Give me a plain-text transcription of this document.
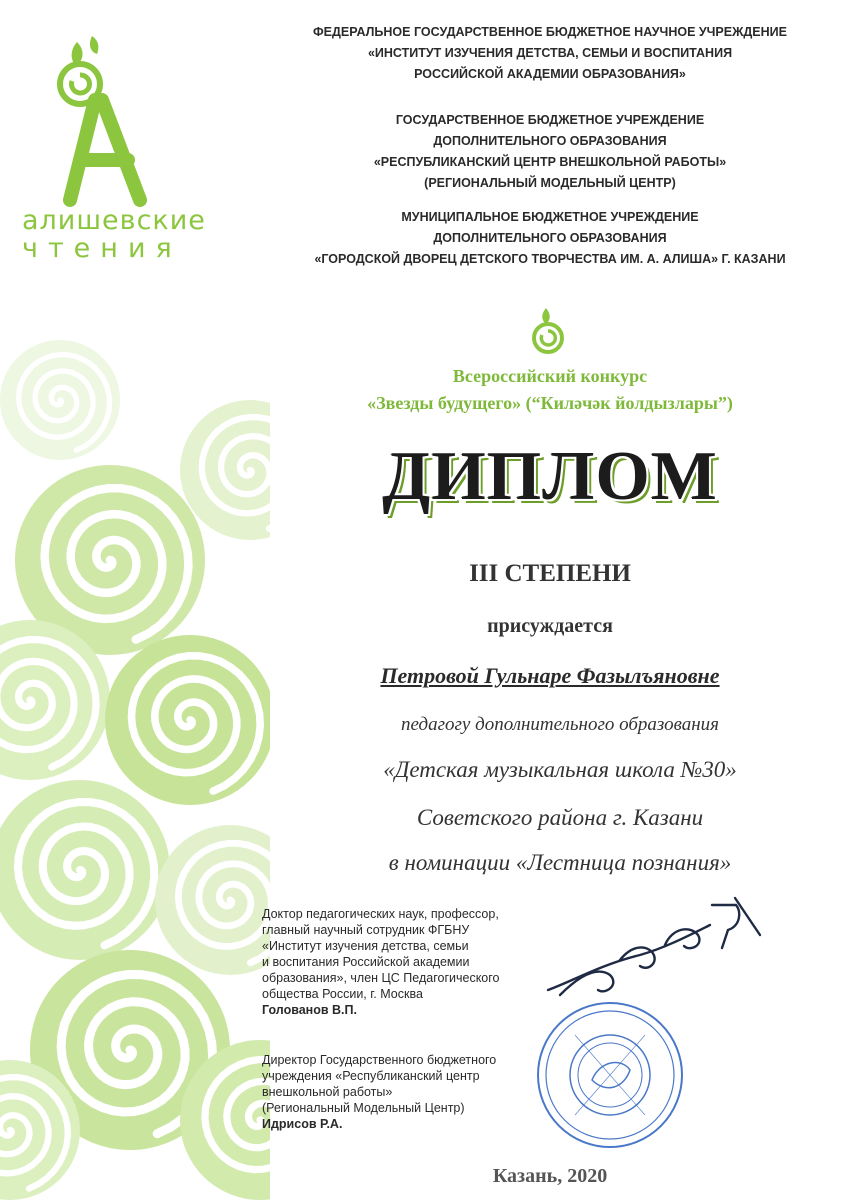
алишевские
чтения
ФЕДЕРАЛЬНОЕ ГОСУДАРСТВЕННОЕ БЮДЖЕТНОЕ НАУЧНОЕ УЧРЕЖДЕНИЕ
«ИНСТИТУТ ИЗУЧЕНИЯ ДЕТСТВА, СЕМЬИ И ВОСПИТАНИЯ
РОССИЙСКОЙ АКАДЕМИИ ОБРАЗОВАНИЯ»
ГОСУДАРСТВЕННОЕ БЮДЖЕТНОЕ УЧРЕЖДЕНИЕ
ДОПОЛНИТЕЛЬНОГО ОБРАЗОВАНИЯ
«РЕСПУБЛИКАНСКИЙ ЦЕНТР ВНЕШКОЛЬНОЙ РАБОТЫ»
(РЕГИОНАЛЬНЫЙ МОДЕЛЬНЫЙ ЦЕНТР)
МУНИЦИПАЛЬНОЕ БЮДЖЕТНОЕ УЧРЕЖДЕНИЕ
ДОПОЛНИТЕЛЬНОГО ОБРАЗОВАНИЯ
«ГОРОДСКОЙ ДВОРЕЦ ДЕТСКОГО ТВОРЧЕСТВА ИМ. А. АЛИША» Г. КАЗАНИ
Всероссийский конкурс
«Звезды будущего» (“Киләчәк йолдызлары”)
ДИПЛОМ
III СТЕПЕНИ
присуждается
Петровой Гульнаре Фазылъяновне
педагогу дополнительного образования
«Детская музыкальная школа №30»
Советского района г. Казани
в номинации «Лестница познания»
Доктор педагогических наук, профессор,
главный научный сотрудник ФГБНУ
«Институт изучения детства, семьи
и воспитания Российской академии
образования», член ЦС Педагогического
общества России, г. Москва
Голованов В.П.
Директор Государственного бюджетного
учреждения «Республиканский центр
внешкольной работы»
(Региональный Модельный Центр)
Идрисов Р.А.
Казань, 2020
